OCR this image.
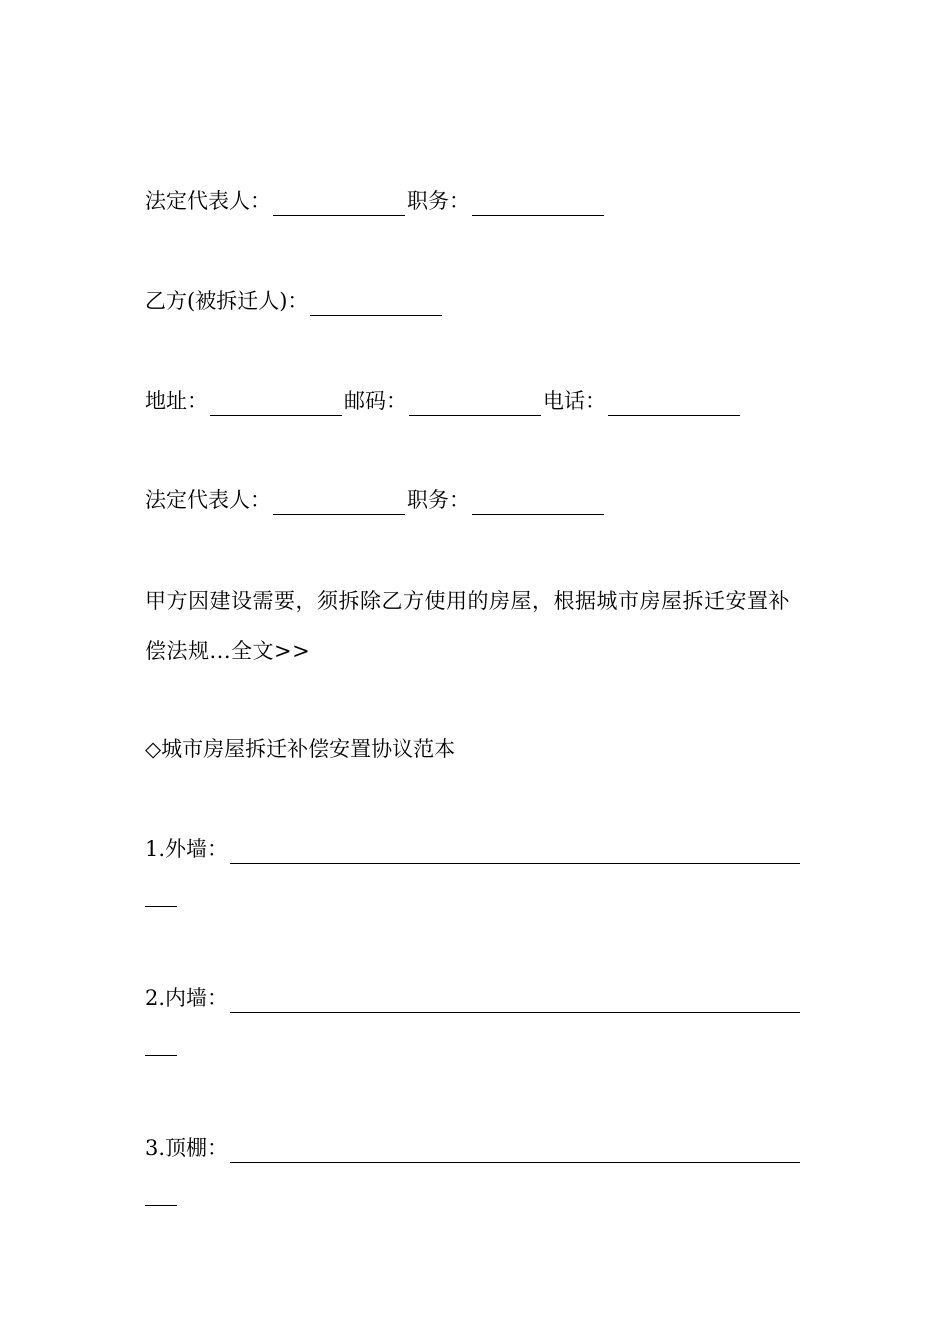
法定代表人：	职务：
乙方(被拆迁人)：
地址：	邮码：	电话：
法定代表人：	职务：
甲方因建设需要，须拆除乙方使用的房屋，根据城市房屋拆迁安置补偿法规...全文>>
◇城市房屋拆迁补偿安置协议范本
1.外墙：
2.内墙：
3.顶棚：
